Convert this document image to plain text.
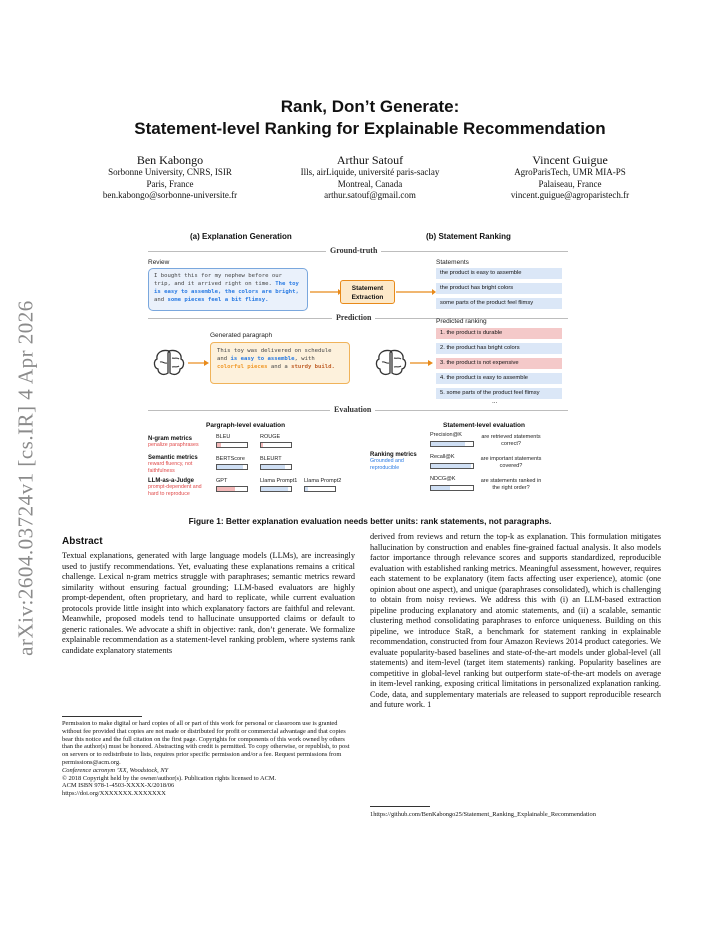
arXiv:2604.03724v1 [cs.IR] 4 Apr 2026
Rank, Don’t Generate:
Statement-level Ranking for Explainable Recommendation
Ben Kabongo
Sorbonne University, CNRS, ISIR
Paris, France
ben.kabongo@sorbonne-universite.fr
Arthur Satouf
Ills, airLiquide, université paris-saclay
Montreal, Canada
arthur.satouf@gmail.com
Vincent Guigue
AgroParisTech, UMR MIA-PS
Palaiseau, France
vincent.guigue@agroparistech.fr
(a) Explanation Generation	(b) Statement Ranking
Ground-truth
Review
I bought this for my nephew before our trip, and it arrived right on time. The toy is easy to assemble, the colors are bright, and some pieces feel a bit flimsy.
Statement
Extraction
Statements
the product is easy to assemble
the product has bright colors
some parts of the product feel flimsy
Prediction
Generated paragraph
This toy was delivered on schedule and is easy to assemble, with colorful pieces and a sturdy build.
Predicted ranking
1. the product is durable
2. the product has bright colors
3. the product is not expensive
4. the product is easy to assemble
5. some parts of the product feel flimsy
...
Evaluation
Pargraph-level evaluation	Statement-level evaluation
N-gram metrics
penalize paraphrases
Semantic metrics
reward fluency, not faithfulness
LLM-as-a-Judge
prompt-dependent and hard to reproduce
BLEU	ROUGE
BERTScore	BLEURT
GPT	Llama Prompt1 Llama Prompt2
Ranking metrics
Grounded and reproducible
Precision@K	are retrieved statements correct?
Recall@K	are important statements covered?
NDCG@K	are statements ranked in the right order?
Figure 1: Better explanation evaluation needs better units: rank statements, not paragraphs.
Abstract
Textual explanations, generated with large language models (LLMs), are increasingly used to justify recommendations. Yet, evaluating these explanations remains a critical challenge. Lexical n-gram metrics struggle with paraphrases; semantic metrics reward similarity without ensuring factual grounding; LLM-based evaluators are highly prompt-dependent, often proprietary, and hard to replicate, while current evaluation protocols provide little insight into which explanatory factors are faithful and relevant. Meanwhile, proposed models tend to hallucinate unsupported claims or default to generic rationales. We advocate a shift in objective: rank, don’t generate. We formalize explainable recommendation as a statement-level ranking problem, where systems rank candidate explanatory statements
derived from reviews and return the top-k as explanation. This formulation mitigates hallucination by construction and enables fine-grained factual analysis. It also models factor importance through relevance scores and supports standardized, reproducible evaluation with established ranking metrics. Meaningful assessment, however, requires each statement to be explanatory (item facts affecting user experience), atomic (one opinion about one aspect), and unique (paraphrases consolidated), which is challenging to obtain from noisy reviews. We address this with (i) an LLM-based extraction pipeline producing explanatory and atomic statements, and (ii) a scalable, semantic clustering method consolidating paraphrases to enforce uniqueness. Building on this pipeline, we introduce StaR, a benchmark for statement ranking in explainable recommendation, constructed from four Amazon Reviews 2014 product categories. We evaluate popularity-based baselines and state-of-the-art models under global-level (all statements) and item-level (target item statements) ranking. Popularity baselines are competitive in global-level ranking but outperform state-of-the-art models on average in item-level ranking, exposing critical limitations in personalized explanation ranking. Code, data, and supplementary materials are released to support reproducible research and future work. 1
Permission to make digital or hard copies of all or part of this work for personal or classroom use is granted without fee provided that copies are not made or distributed for profit or commercial advantage and that copies bear this notice and the full citation on the first page. Copyrights for components of this work owned by others than the author(s) must be honored. Abstracting with credit is permitted. To copy otherwise, or republish, to post on servers or to redistribute to lists, requires prior specific permission and/or a fee. Request permissions from permissions@acm.org.
Conference acronym ’XX, Woodstock, NY
© 2018 Copyright held by the owner/author(s). Publication rights licensed to ACM.
ACM ISBN 978-1-4503-XXXX-X/2018/06
https://doi.org/XXXXXXX.XXXXXXX
1https://github.com/BenKabongo25/Statement_Ranking_Explainable_Recommendation
